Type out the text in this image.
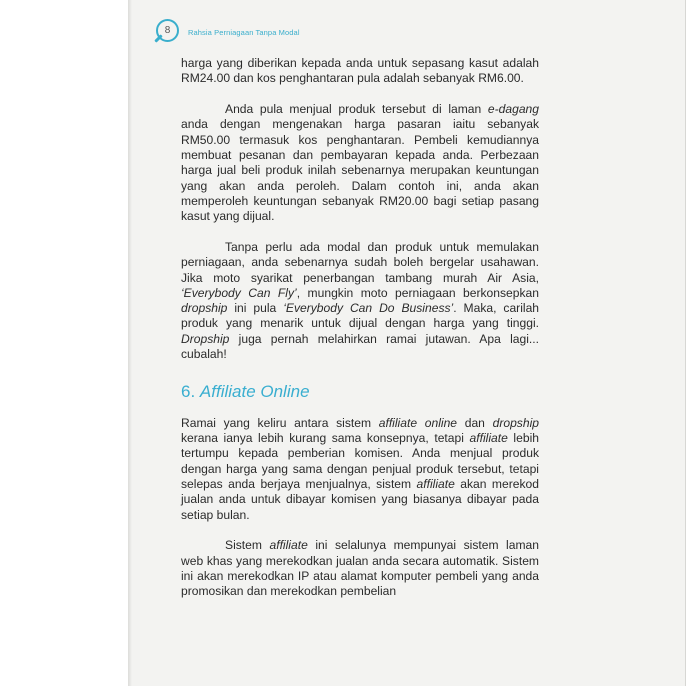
8	Rahsia Perniagaan Tanpa Modal

harga yang diberikan kepada anda untuk sepasang kasut adalah RM24.00 dan kos penghantaran pula adalah sebanyak RM6.00.

Anda pula menjual produk tersebut di laman e-dagang anda dengan mengenakan harga pasaran iaitu sebanyak RM50.00 termasuk kos penghantaran. Pembeli kemudiannya membuat pesanan dan pembayaran kepada anda. Perbezaan harga jual beli produk inilah sebenarnya merupakan keuntungan yang akan anda peroleh. Dalam contoh ini, anda akan memperoleh keuntungan sebanyak RM20.00 bagi setiap pasang kasut yang dijual.

Tanpa perlu ada modal dan produk untuk memulakan perniagaan, anda sebenarnya sudah boleh bergelar usahawan. Jika moto syarikat penerbangan tambang murah Air Asia, ‘Everybody Can Fly’, mungkin moto perniagaan berkonsepkan dropship ini pula ‘Everybody Can Do Business’. Maka, carilah produk yang menarik untuk dijual dengan harga yang tinggi. Dropship juga pernah melahirkan ramai jutawan. Apa lagi... cubalah!

6. Affiliate Online

Ramai yang keliru antara sistem affiliate online dan dropship kerana ianya lebih kurang sama konsepnya, tetapi affiliate lebih tertumpu kepada pemberian komisen. Anda menjual produk dengan harga yang sama dengan penjual produk tersebut, tetapi selepas anda berjaya menjualnya, sistem affiliate akan merekod jualan anda untuk dibayar komisen yang biasanya dibayar pada setiap bulan.

Sistem affiliate ini selalunya mempunyai sistem laman web khas yang merekodkan jualan anda secara automatik. Sistem ini akan merekodkan IP atau alamat komputer pembeli yang anda promosikan dan merekodkan pembelian
